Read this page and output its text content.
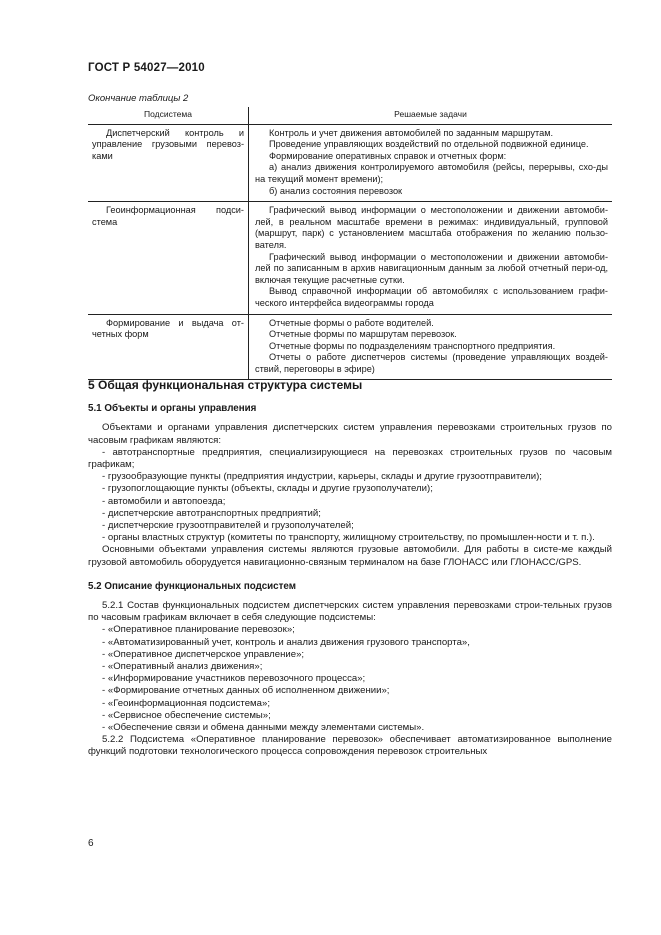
ГОСТ Р 54027—2010
Окончание таблицы 2
Подсистема	Решаемые задачи

Диспетчерский контроль и управление грузовыми перевоз-ками	Контроль и учет движения автомобилей по заданным маршрутам.

Проведение управляющих воздействий по отдельной подвижной единице.

Формирование оперативных справок и отчетных форм:

а) анализ движения контролируемого автомобиля (рейсы, перерывы, схо-ды на текущий момент времени);

б) анализ состояния перевозок

Геоинформационная подси-стема	Графический вывод информации о местоположении и движении автомоби-лей, в реальном масштабе времени в режимах: индивидуальный, групповой (маршрут, парк) с установлением масштаба отображения по желанию пользо-вателя.

Графический вывод информации о местоположении и движении автомоби-лей по записанным в архив навигационным данным за любой отчетный пери-од, включая текущие расчетные сутки.

Вывод справочной информации об автомобилях с использованием графи-ческого интерфейса видеограммы города

Формирование и выдача от-четных форм	Отчетные формы о работе водителей.

Отчетные формы по маршрутам перевозок.

Отчетные формы по подразделениям транспортного предприятия.

Отчеты о работе диспетчеров системы (проведение управляющих воздей-ствий, переговоры в эфире)

5 Общая функциональная структура системы

5.1 Объекты и органы управления

Объектами и органами управления диспетчерских систем управления перевозками строительных грузов по часовым графикам являются:

- автотранспортные предприятия, специализирующиеся на перевозках строительных грузов по часовым графикам;

- грузообразующие пункты (предприятия индустрии, карьеры, склады и другие грузоотправители);

- грузопоглощающие пункты (объекты, склады и другие грузополучатели);

- автомобили и автопоезда;

- диспетчерские автотранспортных предприятий;

- диспетчерские грузоотправителей и грузополучателей;

- органы властных структур (комитеты по транспорту, жилищному строительству, по промышлен-ности и т. п.).

Основными объектами управления системы являются грузовые автомобили. Для работы в систе-ме каждый грузовой автомобиль оборудуется навигационно-связным терминалом на базе ГЛОНАСС или ГЛОНАСС/GPS.

5.2 Описание функциональных подсистем

5.2.1 Состав функциональных подсистем диспетчерских систем управления перевозками строи-тельных грузов по часовым графикам включает в себя следующие подсистемы:

- «Оперативное планирование перевозок»;

- «Автоматизированный учет, контроль и анализ движения грузового транспорта»,

- «Оперативное диспетчерское управление»;

- «Оперативный анализ движения»;

- «Информирование участников перевозочного процесса»;

- «Формирование отчетных данных об исполненном движении»;

- «Геоинформационная подсистема»;

- «Сервисное обеспечение системы»;

- «Обеспечение связи и обмена данными между элементами системы».

5.2.2 Подсистема «Оперативное планирование перевозок» обеспечивает автоматизированное выполнение функций подготовки технологического процесса сопровождения перевозок строительных

6
